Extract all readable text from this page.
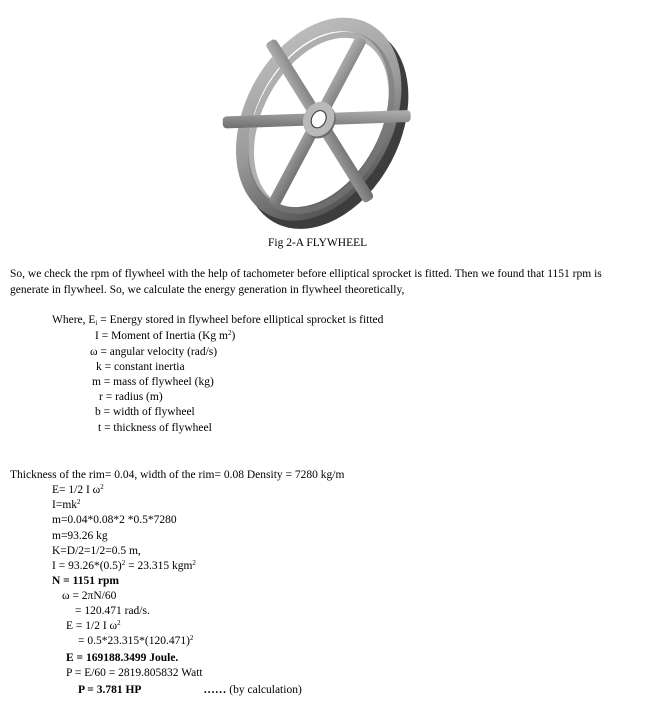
Fig 2-A FLYWHEEL
So, we check the rpm of flywheel with the help of tachometer before elliptical sprocket is fitted. Then we found that 1151 rpm is
generate in flywheel. So, we calculate the energy generation in flywheel theoretically,
Where, $E_i$ = Energy stored in flywheel before elliptical sprocket is fitted
I = Moment of Inertia (Kg $m^2$)
ω = angular velocity (rad/s)
k = constant inertia
m = mass of flywheel (kg)
r = radius (m)
b = width of flywheel
t = thickness of flywheel
Thickness of the rim= 0.04, width of the rim= 0.08 Density = 7280 kg/m
E= 1/2 I $\omega^2$
$I=mk^2$
m=0.04*0.08*2 *0.5*7280
m=93.26 kg
K=D/2=1/2=0.5 m,
$I = 93.26*(0.5)^2 = 23.315$ kgm$^2$
N = 1151 rpm
ω = 2πN/60
= 120.471 rad/s.
E = 1/2 I $\omega^2$
= $0.5*23.315*(120.471)^2$
E = 169188.3499 Joule.
P = E/60 = 2819.805832 Watt
P = 3.781 HP	…… (by calculation)
